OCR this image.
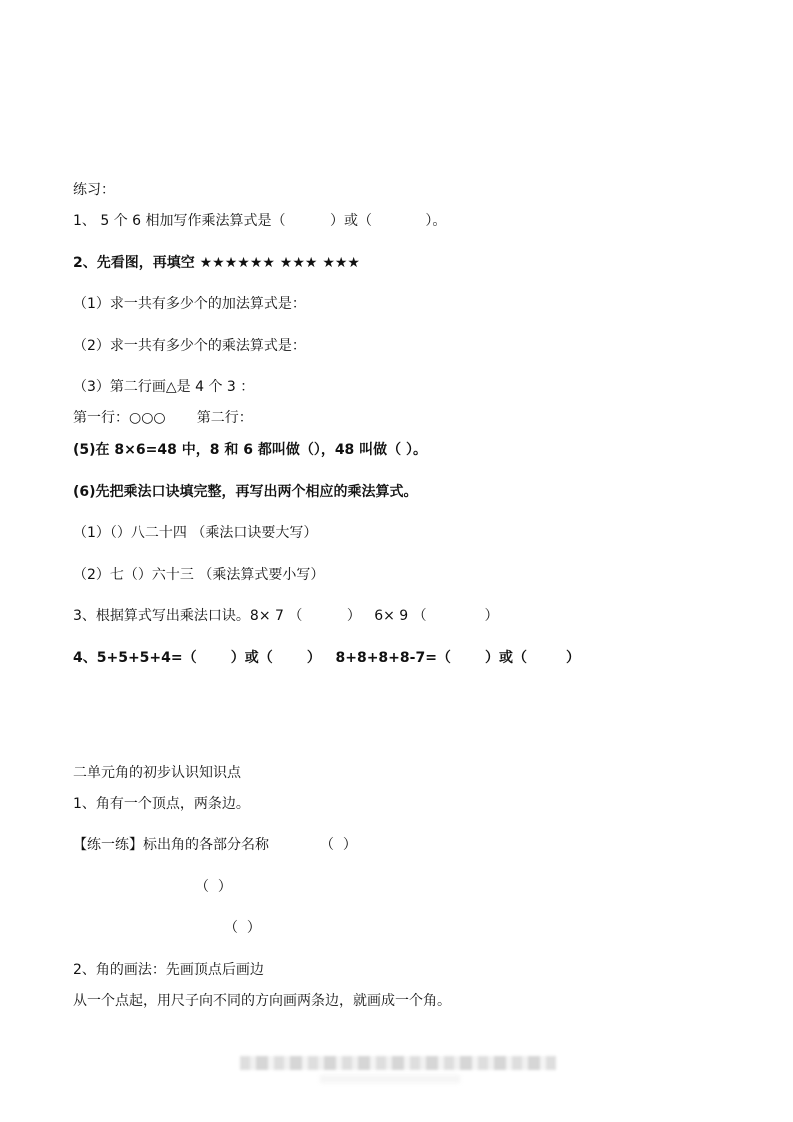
练习：
1、 5 个 6 相加写作乘法算式是（          ）或（            ）。
2、先看图，再填空 ★★★★★★ ★★★ ★★★
（1）求一共有多少个的加法算式是：
（2）求一共有多少个的乘法算式是：
（3）第二行画△是 4 个 3 ：
第一行：○○○       第二行：
(5)在 8×6=48 中，8 和 6 都叫做（），48 叫做（ ）。
(6)先把乘法口诀填完整，再写出两个相应的乘法算式。
（1）（）八二十四 （乘法口诀要大写）
（2）七（）六十三 （乘法算式要小写）
3、根据算式写出乘法口诀。8× 7 （          ）   6× 9 （             ）
4、5+5+5+4=（       ）或（       ）   8+8+8+8-7=（       ）或（        ）
二单元角的初步认识知识点
1、角有一个顶点，两条边。
【练一练】标出角的各部分名称	（  ）
（  ）
（  ）
2、角的画法：先画顶点后画边
从一个点起，用尺子向不同的方向画两条边，就画成一个角。
